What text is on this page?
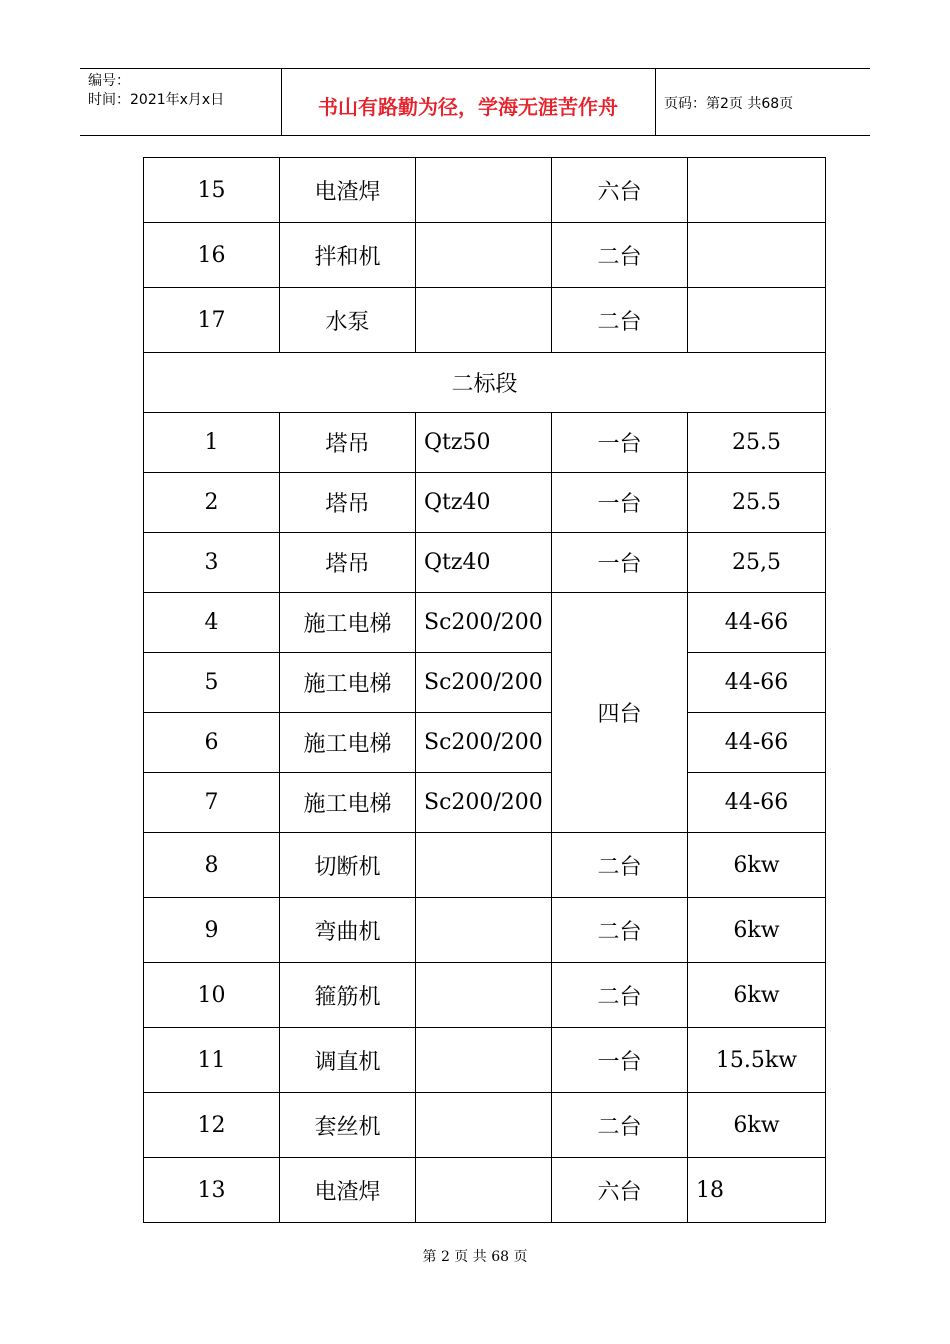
编号：
时间：2021年x月x日	书山有路勤为径，学海无涯苦作舟	页码：第2页 共68页
15	电渣焊		六台	
16	拌和机		二台	
17	水泵		二台	
二标段				
1	塔吊	Qtz50	一台	25.5
2	塔吊	Qtz40	一台	25.5
3	塔吊	Qtz40	一台	25,5
4	施工电梯	Sc200/200	四台	44-66
5	施工电梯	Sc200/200		44-66
6	施工电梯	Sc200/200		44-66
7	施工电梯	Sc200/200		44-66
8	切断机		二台	6kw
9	弯曲机		二台	6kw
10	箍筋机		二台	6kw
11	调直机		一台	15.5kw
12	套丝机		二台	6kw
13	电渣焊		六台	18
第 2 页 共 68 页
